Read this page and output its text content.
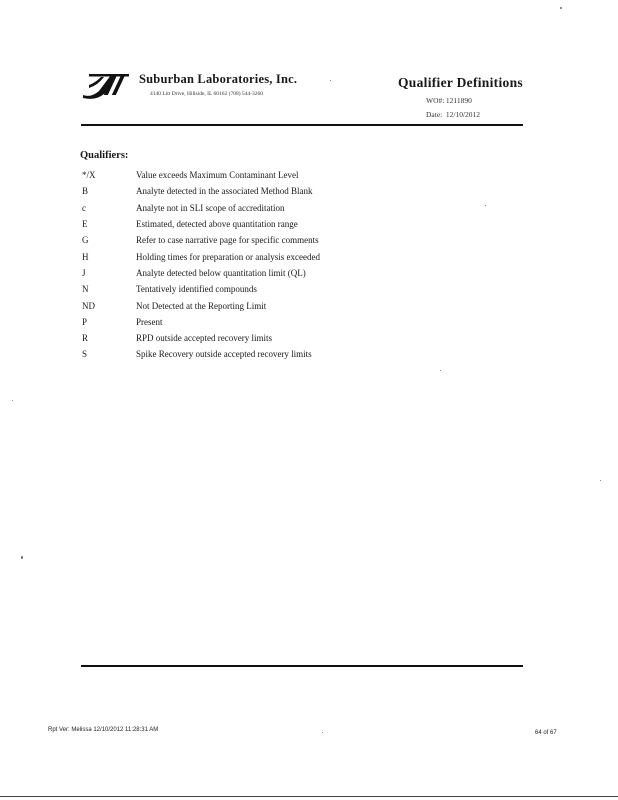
Suburban Laboratories, Inc.
4140 Litt Drive, Hillside, IL 60162 (708) 544-3260
Qualifier Definitions
WO#: 1211890
Date: 12/10/2012
Qualifiers:
*/X	Value exceeds Maximum Contaminant Level
B	Analyte detected in the associated Method Blank
c	Analyte not in SLI scope of accreditation
E	Estimated, detected above quantitation range
G	Refer to case narrative page for specific comments
H	Holding times for preparation or analysis exceeded
J	Analyte detected below quantitation limit (QL)
N	Tentatively identified compounds
ND	Not Detected at the Reporting Limit
P	Present
R	RPD outside accepted recovery limits
S	Spike Recovery outside accepted recovery limits
Rpt Ver: Melissa 12/10/2012 11:28:31 AM	64 of 67
